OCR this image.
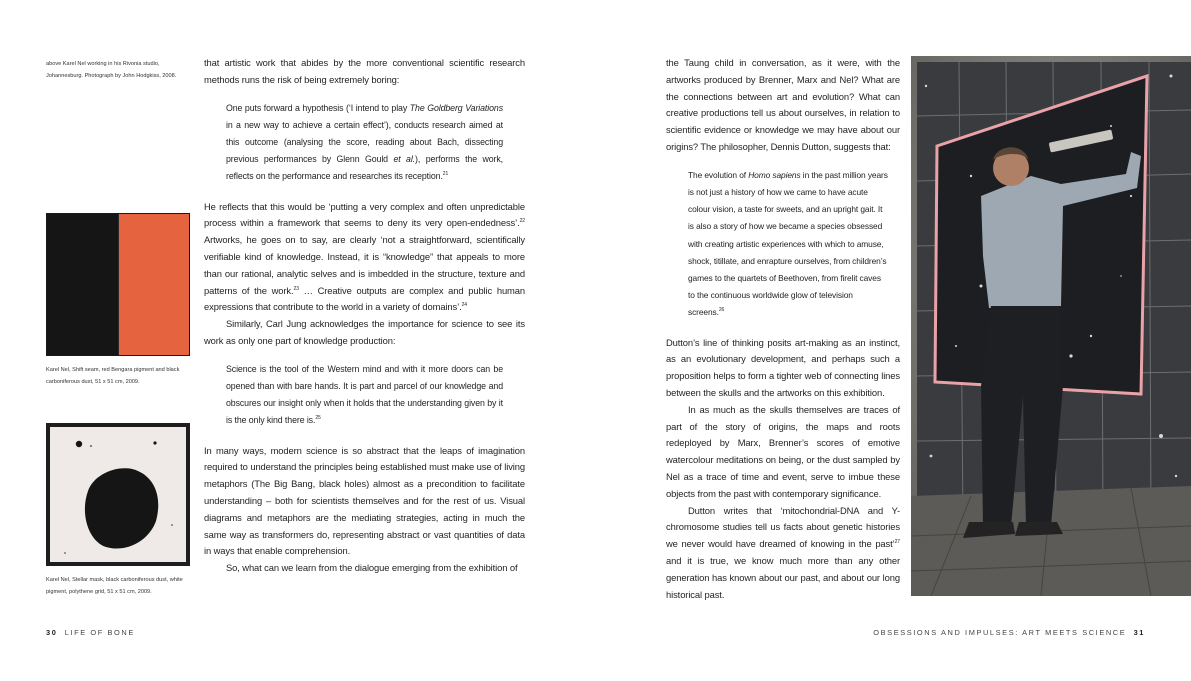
above Karel Nel working in his Rivonia studio,
Johannesburg. Photograph by John Hodgkiss, 2008.
Karel Nel, Shift seam, red Bengara pigment and black
carboniferous dust, 51 x 51 cm, 2009.
Karel Nel, Stellar mask, black carboniferous dust, white
pigment, polythene grid, 51 x 51 cm, 2009.

that artistic work that abides by the more conventional scientific research methods runs the risk of being extremely boring:

One puts forward a hypothesis (‘I intend to play The Goldberg Variations in a new way to achieve a certain effect’), conducts research aimed at this outcome (analysing the score, reading about Bach, dissecting previous performances by Glenn Gould et al.), performs the work, reflects on the performance and researches its reception.$^{21}$

He reflects that this would be ‘putting a very complex and often unpredictable process within a framework that seems to deny its very open-endedness’.$^{22}$ Artworks, he goes on to say, are clearly ‘not a straightforward, scientifically verifiable kind of knowledge. Instead, it is “knowledge” that appeals to more than our rational, analytic selves and is imbedded in the structure, texture and patterns of the work.$^{23}$ … Creative outputs are complex and public human expressions that contribute to the world in a variety of domains’.$^{24}$

Similarly, Carl Jung acknowledges the importance for science to see its work as only one part of knowledge production:

Science is the tool of the Western mind and with it more doors can be opened than with bare hands. It is part and parcel of our knowledge and obscures our insight only when it holds that the understanding given by it is the only kind there is.$^{25}$

In many ways, modern science is so abstract that the leaps of imagination required to understand the principles being established must make use of living metaphors (The Big Bang, black holes) almost as a precondition to facilitate understanding – both for scientists themselves and for the rest of us. Visual diagrams and metaphors are the mediating strategies, acting in much the same way as transformers do, representing abstract or vast quantities of data in ways that enable comprehension.

So, what can we learn from the dialogue emerging from the exhibition of

30 LIFE OF BONE

the Taung child in conversation, as it were, with the artworks produced by Brenner, Marx and Nel? What are the connections between art and evolution? What can creative productions tell us about ourselves, in relation to scientific evidence or knowledge we may have about our origins? The philosopher, Dennis Dutton, suggests that:

The evolution of Homo sapiens in the past million years is not just a history of how we came to have acute colour vision, a taste for sweets, and an upright gait. It is also a story of how we became a species obsessed with creating artistic experiences with which to amuse, shock, titillate, and enrapture ourselves, from children’s games to the quartets of Beethoven, from firelit caves to the continuous worldwide glow of television screens.$^{26}$

Dutton’s line of thinking posits art-making as an instinct, as an evolutionary development, and perhaps such a proposition helps to form a tighter web of connecting lines between the skulls and the artworks on this exhibition.

In as much as the skulls themselves are traces of part of the story of origins, the maps and roots redeployed by Marx, Brenner’s scores of emotive watercolour meditations on being, or the dust sampled by Nel as a trace of time and event, serve to imbue these objects from the past with contemporary significance.

Dutton writes that ‘mitochondrial-DNA and Y-chromosome studies tell us facts about genetic histories we never would have dreamed of knowing in the past’$^{27}$ and it is true, we know much more than any other generation has known about our past, and about our long historical past.

OBSESSIONS AND IMPULSES: ART MEETS SCIENCE 31
